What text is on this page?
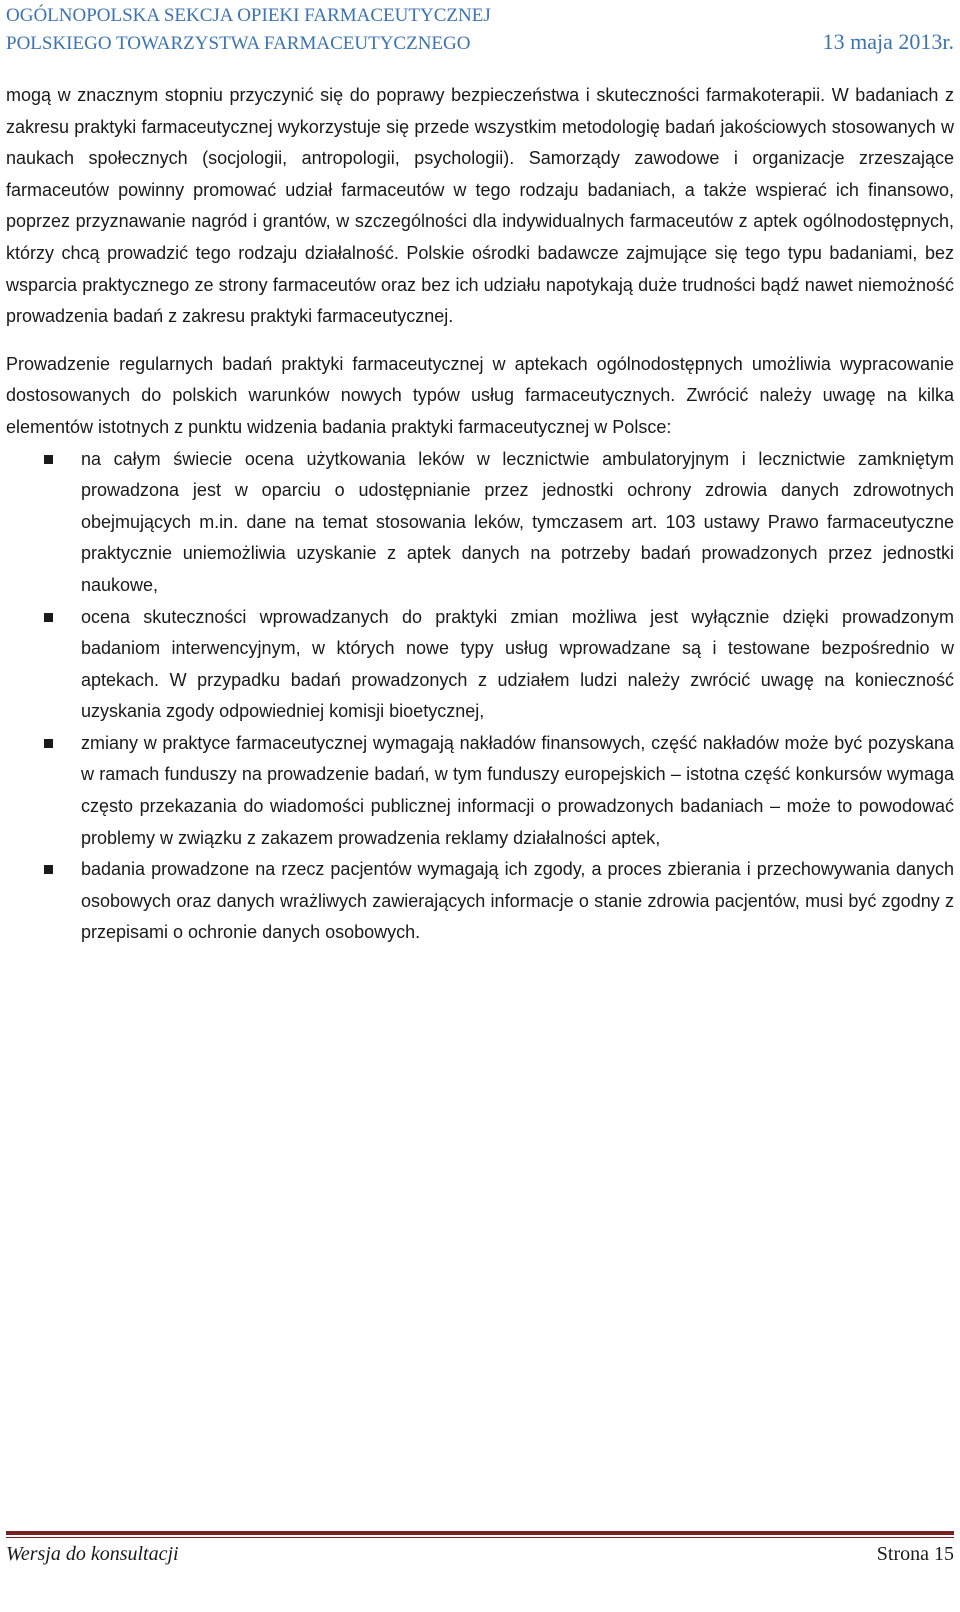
OGÓLNOPOLSKA SEKCJA OPIEKI FARMACEUTYCZNEJ
POLSKIEGO TOWARZYSTWA FARMACEUTYCZNEGO	13 maja 2013r.

mogą w znacznym stopniu przyczynić się do poprawy bezpieczeństwa i skuteczności farmakoterapii. W badaniach z zakresu praktyki farmaceutycznej wykorzystuje się przede wszystkim metodologię badań jakościowych stosowanych w naukach społecznych (socjologii, antropologii, psychologii). Samorządy zawodowe i organizacje zrzeszające farmaceutów powinny promować udział farmaceutów w tego rodzaju badaniach, a także wspierać ich finansowo, poprzez przyznawanie nagród i grantów, w szczególności dla indywidualnych farmaceutów z aptek ogólnodostępnych, którzy chcą prowadzić tego rodzaju działalność. Polskie ośrodki badawcze zajmujące się tego typu badaniami, bez wsparcia praktycznego ze strony farmaceutów oraz bez ich udziału napotykają duże trudności bądź nawet niemożność prowadzenia badań z zakresu praktyki farmaceutycznej.

Prowadzenie regularnych badań praktyki farmaceutycznej w aptekach ogólnodostępnych umożliwia wypracowanie dostosowanych do polskich warunków nowych typów usług farmaceutycznych. Zwrócić należy uwagę na kilka elementów istotnych z punktu widzenia badania praktyki farmaceutycznej w Polsce:

na całym świecie ocena użytkowania leków w lecznictwie ambulatoryjnym i lecznictwie zamkniętym prowadzona jest w oparciu o udostępnianie przez jednostki ochrony zdrowia danych zdrowotnych obejmujących m.in. dane na temat stosowania leków, tymczasem art. 103 ustawy Prawo farmaceutyczne praktycznie uniemożliwia uzyskanie z aptek danych na potrzeby badań prowadzonych przez jednostki naukowe,
ocena skuteczności wprowadzanych do praktyki zmian możliwa jest wyłącznie dzięki prowadzonym badaniom interwencyjnym, w których nowe typy usług wprowadzane są i testowane bezpośrednio w aptekach. W przypadku badań prowadzonych z udziałem ludzi należy zwrócić uwagę na konieczność uzyskania zgody odpowiedniej komisji bioetycznej,
zmiany w praktyce farmaceutycznej wymagają nakładów finansowych, część nakładów może być pozyskana w ramach funduszy na prowadzenie badań, w tym funduszy europejskich – istotna część konkursów wymaga często przekazania do wiadomości publicznej informacji o prowadzonych badaniach – może to powodować problemy w związku z zakazem prowadzenia reklamy działalności aptek,
badania prowadzone na rzecz pacjentów wymagają ich zgody, a proces zbierania i przechowywania danych osobowych oraz danych wrażliwych zawierających informacje o stanie zdrowia pacjentów, musi być zgodny z przepisami o ochronie danych osobowych.
Wersja do konsultacji	Strona 15
